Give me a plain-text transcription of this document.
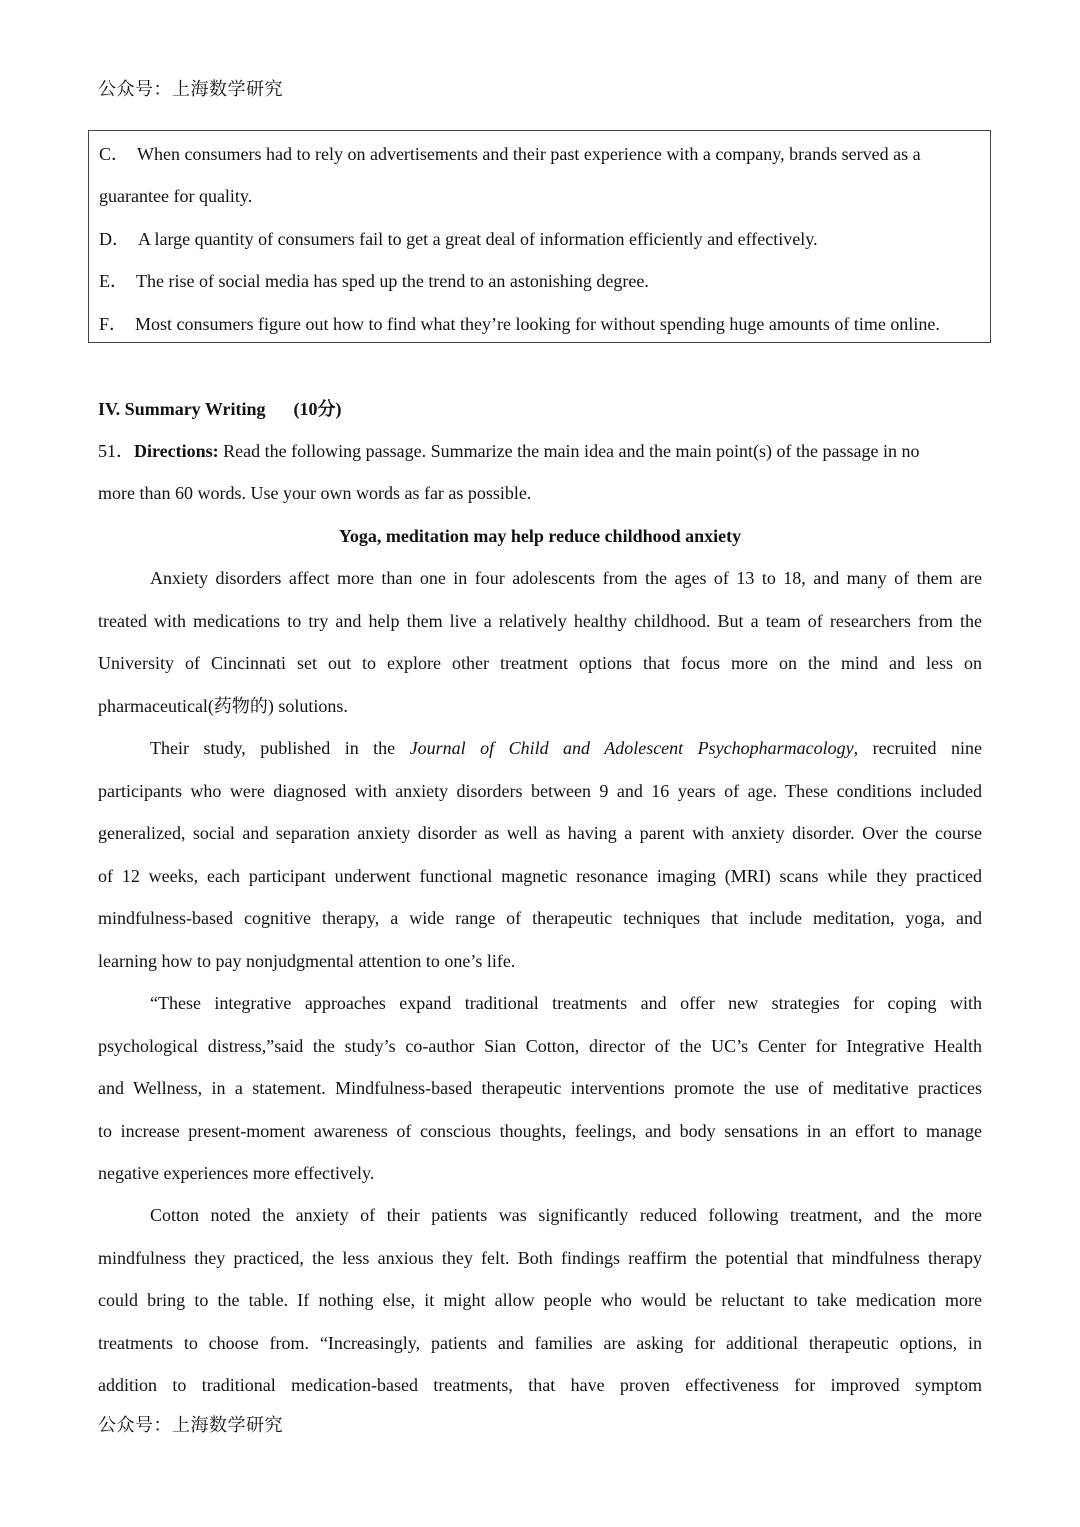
公众号：上海数学研究
C． When consumers had to rely on advertisements and their past experience with a company, brands served as a
guarantee for quality.
D． A large quantity of consumers fail to get a great deal of information efficiently and effectively.
E． The rise of social media has sped up the trend to an astonishing degree.
F． Most consumers figure out how to find what they’re looking for without spending huge amounts of time online.
IV. Summary Writing (10分)
51．Directions: Read the following passage. Summarize the main idea and the main point(s) of the passage in no
more than 60 words. Use your own words as far as possible.
Yoga, meditation may help reduce childhood anxiety
Anxiety disorders affect more than one in four adolescents from the ages of 13 to 18, and many of them are
treated with medications to try and help them live a relatively healthy childhood. But a team of researchers from the
University of Cincinnati set out to explore other treatment options that focus more on the mind and less on
pharmaceutical(药物的) solutions.
Their study, published in the Journal of Child and Adolescent Psychopharmacology, recruited nine
participants who were diagnosed with anxiety disorders between 9 and 16 years of age. These conditions included
generalized, social and separation anxiety disorder as well as having a parent with anxiety disorder. Over the course
of 12 weeks, each participant underwent functional magnetic resonance imaging (MRI) scans while they practiced
mindfulness-based cognitive therapy, a wide range of therapeutic techniques that include meditation, yoga, and
learning how to pay nonjudgmental attention to one’s life.
“These integrative approaches expand traditional treatments and offer new strategies for coping with
psychological distress,”said the study’s co-author Sian Cotton, director of the UC’s Center for Integrative Health
and Wellness, in a statement. Mindfulness-based therapeutic interventions promote the use of meditative practices
to increase present-moment awareness of conscious thoughts, feelings, and body sensations in an effort to manage
negative experiences more effectively.
Cotton noted the anxiety of their patients was significantly reduced following treatment, and the more
mindfulness they practiced, the less anxious they felt. Both findings reaffirm the potential that mindfulness therapy
could bring to the table. If nothing else, it might allow people who would be reluctant to take medication more
treatments to choose from. “Increasingly, patients and families are asking for additional therapeutic options, in
addition to traditional medication-based treatments, that have proven effectiveness for improved symptom
公众号：上海数学研究
